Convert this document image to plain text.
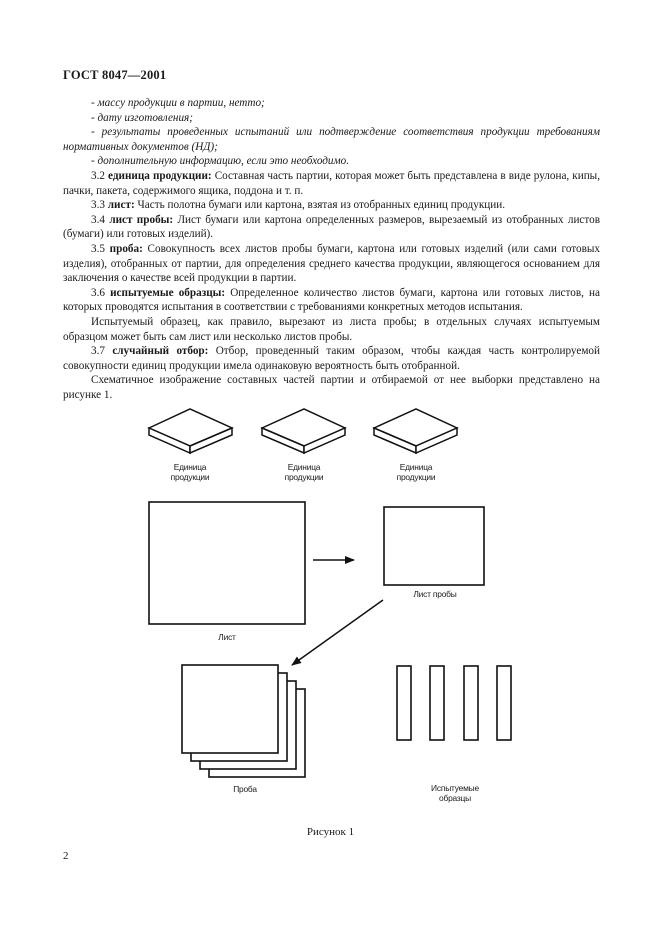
ГОСТ 8047—2001

- массу продукции в партии, нетто;

- дату изготовления;

- результаты проведенных испытаний или подтверждение соответствия продукции требованиям нормативных документов (НД);

- дополнительную информацию, если это необходимо.

3.2 единица продукции: Составная часть партии, которая может быть представлена в виде рулона, кипы, пачки, пакета, содержимого ящика, поддона и т. п.

3.3 лист: Часть полотна бумаги или картона, взятая из отобранных единиц продукции.

3.4 лист пробы: Лист бумаги или картона определенных размеров, вырезаемый из отобранных листов (бумаги) или готовых изделий).

3.5 проба: Совокупность всех листов пробы бумаги, картона или готовых изделий (или сами готовых изделия), отобранных от партии, для определения среднего качества продукции, являющегося основанием для заключения о качестве всей продукции в партии.

3.6 испытуемые образцы: Определенное количество листов бумаги, картона или готовых листов, на которых проводятся испытания в соответствии с требованиями конкретных методов испытания.

Испытуемый образец, как правило, вырезают из листа пробы; в отдельных случаях испытуемым образцом может быть сам лист или несколько листов пробы.

3.7 случайный отбор: Отбор, проведенный таким образом, чтобы каждая часть контролируемой совокупности единиц продукции имела одинаковую вероятность быть отобранной.

Схематичное изображение составных частей партии и отбираемой от нее выборки представлено на рисунке 1.

Единица
продукции
Единица
продукции
Единица
продукции
Лист
Лист пробы
Проба	Испытуемые
образцы
Рисунок 1
2
